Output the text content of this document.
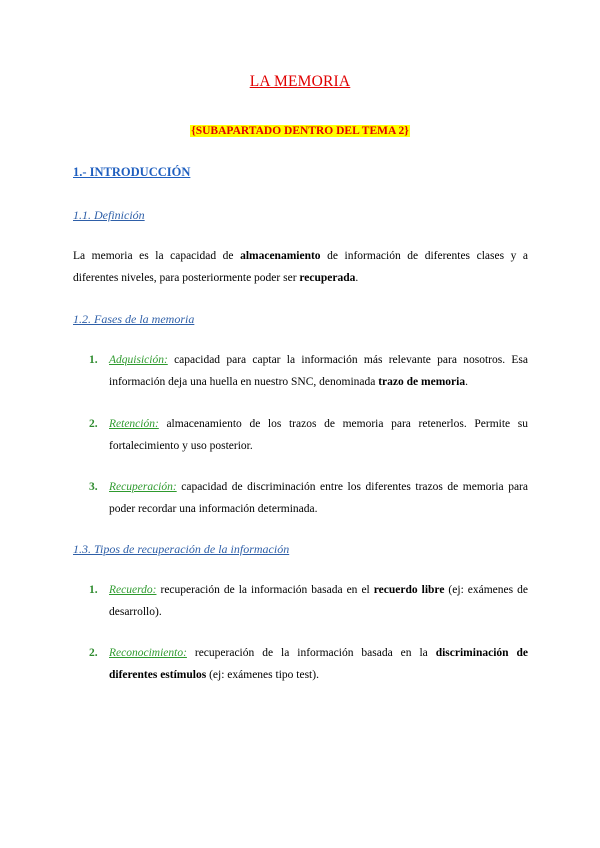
LA MEMORIA
{SUBAPARTADO DENTRO DEL TEMA 2}
1.- INTRODUCCIÓN
1.1. Definición
La memoria es la capacidad de almacenamiento de información de diferentes clases y a diferentes niveles, para posteriormente poder ser recuperada.
1.2. Fases de la memoria
1. Adquisición: capacidad para captar la información más relevante para nosotros. Esa información deja una huella en nuestro SNC, denominada trazo de memoria.
2. Retención: almacenamiento de los trazos de memoria para retenerlos. Permite su fortalecimiento y uso posterior.
3. Recuperación: capacidad de discriminación entre los diferentes trazos de memoria para poder recordar una información determinada.
1.3. Tipos de recuperación de la información
1. Recuerdo: recuperación de la información basada en el recuerdo libre (ej: exámenes de desarrollo).
2. Reconocimiento: recuperación de la información basada en la discriminación de diferentes estímulos (ej: exámenes tipo test).
